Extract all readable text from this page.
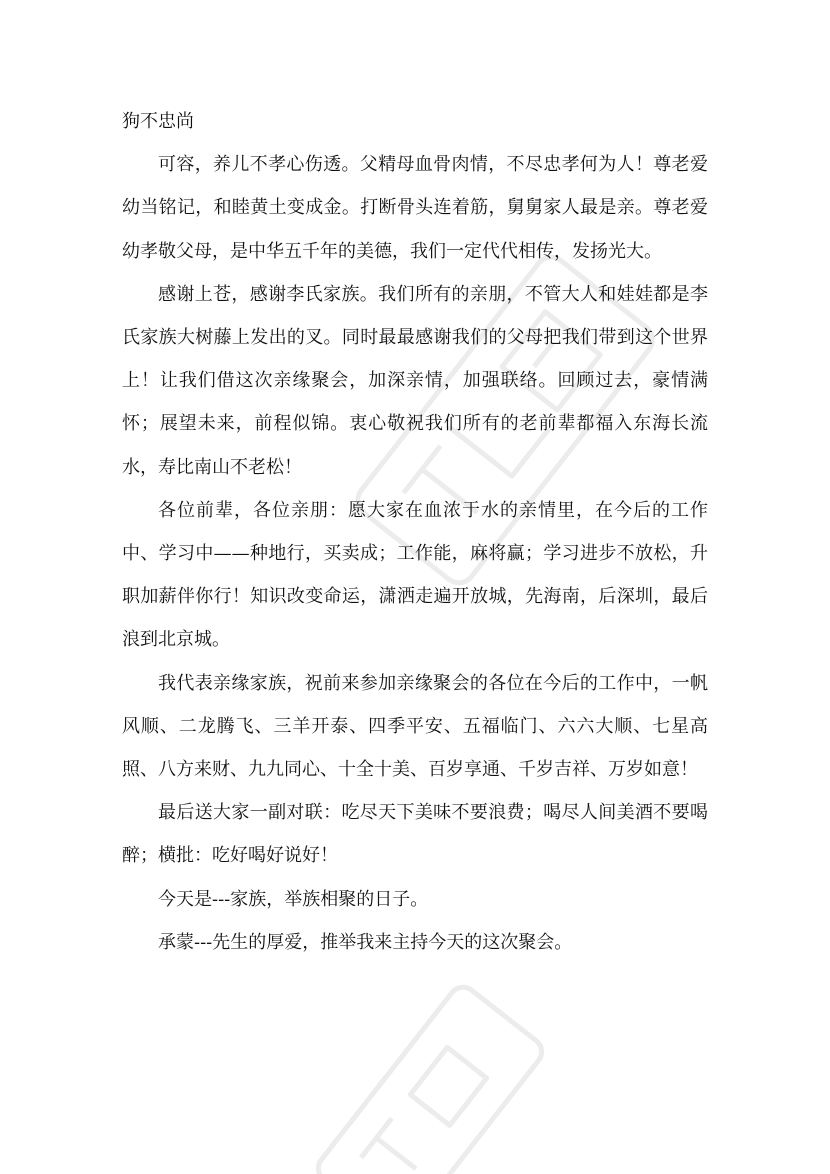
狗不忠尚

可容，养儿不孝心伤透。父精母血骨肉情，不尽忠孝何为人！尊老爱幼当铭记，和睦黄土变成金。打断骨头连着筋，舅舅家人最是亲。尊老爱幼孝敬父母，是中华五千年的美德，我们一定代代相传，发扬光大。

感谢上苍，感谢李氏家族。我们所有的亲朋，不管大人和娃娃都是李氏家族大树藤上发出的叉。同时最最感谢我们的父母把我们带到这个世界上！让我们借这次亲缘聚会，加深亲情，加强联络。回顾过去，豪情满怀；展望未来，前程似锦。衷心敬祝我们所有的老前辈都福入东海长流水，寿比南山不老松！

各位前辈，各位亲朋：愿大家在血浓于水的亲情里，在今后的工作中、学习中——种地行，买卖成；工作能，麻将赢；学习进步不放松，升职加薪伴你行！知识改变命运，潇洒走遍开放城，先海南，后深圳，最后浪到北京城。

我代表亲缘家族，祝前来参加亲缘聚会的各位在今后的工作中，一帆风顺、二龙腾飞、三羊开泰、四季平安、五福临门、六六大顺、七星高照、八方来财、九九同心、十全十美、百岁享通、千岁吉祥、万岁如意！

最后送大家一副对联：吃尽天下美味不要浪费；喝尽人间美酒不要喝醉；横批：吃好喝好说好！

今天是---家族，举族相聚的日子。

承蒙---先生的厚爱，推举我来主持今天的这次聚会。
